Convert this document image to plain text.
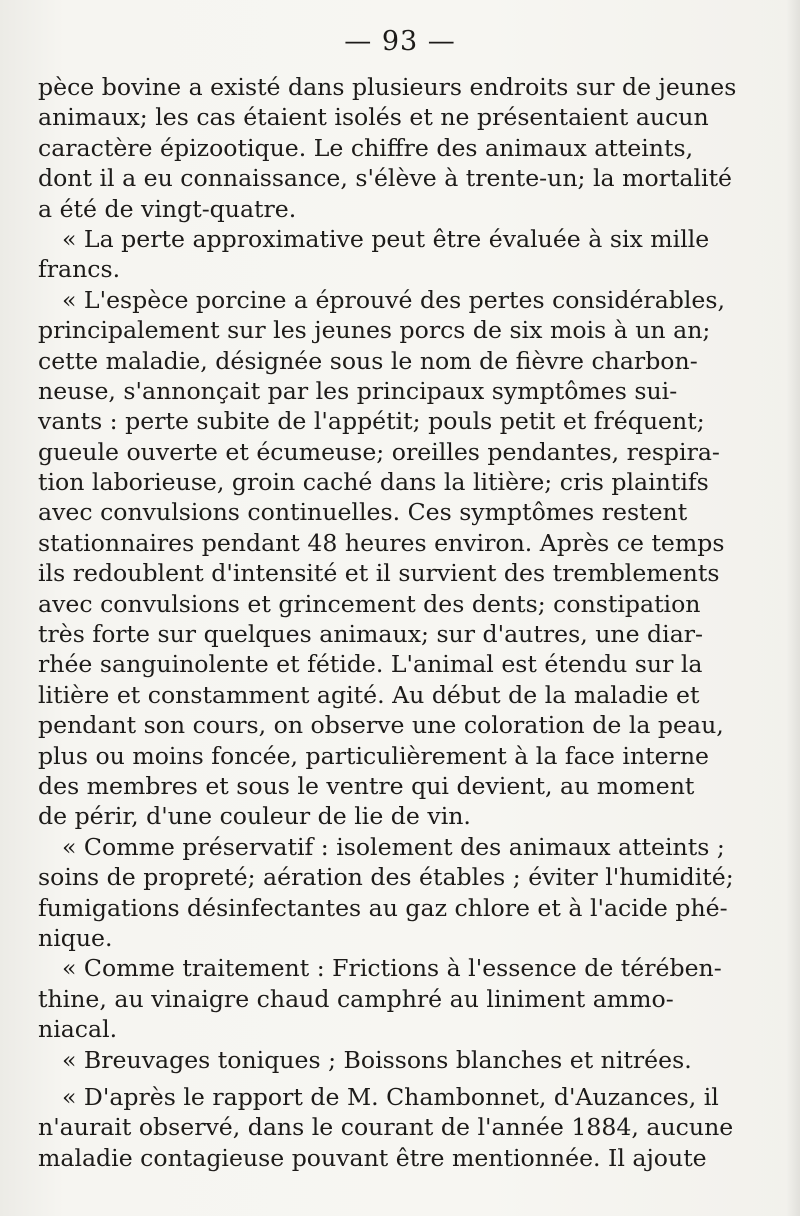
— 93 —
pèce bovine a existé dans plusieurs endroits sur de jeunes
animaux; les cas étaient isolés et ne présentaient aucun
caractère épizootique. Le chiffre des animaux atteints,
dont il a eu connaissance, s'élève à trente-un; la mortalité
a été de vingt-quatre.
« La perte approximative peut être évaluée à six mille
francs.
« L'espèce porcine a éprouvé des pertes considérables,
principalement sur les jeunes porcs de six mois à un an;
cette maladie, désignée sous le nom de fièvre charbon-
neuse, s'annonçait par les principaux symptômes sui-
vants : perte subite de l'appétit; pouls petit et fréquent;
gueule ouverte et écumeuse; oreilles pendantes, respira-
tion laborieuse, groin caché dans la litière; cris plaintifs
avec convulsions continuelles. Ces symptômes restent
stationnaires pendant 48 heures environ. Après ce temps
ils redoublent d'intensité et il survient des tremblements
avec convulsions et grincement des dents; constipation
très forte sur quelques animaux; sur d'autres, une diar-
rhée sanguinolente et fétide. L'animal est étendu sur la
litière et constamment agité. Au début de la maladie et
pendant son cours, on observe une coloration de la peau,
plus ou moins foncée, particulièrement à la face interne
des membres et sous le ventre qui devient, au moment
de périr, d'une couleur de lie de vin.
« Comme préservatif : isolement des animaux atteints ;
soins de propreté; aération des étables ; éviter l'humidité;
fumigations désinfectantes au gaz chlore et à l'acide phé-
nique.
« Comme traitement : Frictions à l'essence de térében-
thine, au vinaigre chaud camphré au liniment ammo-
niacal.
« Breuvages toniques ; Boissons blanches et nitrées.
« D'après le rapport de M. Chambonnet, d'Auzances, il
n'aurait observé, dans le courant de l'année 1884, aucune
maladie contagieuse pouvant être mentionnée. Il ajoute
